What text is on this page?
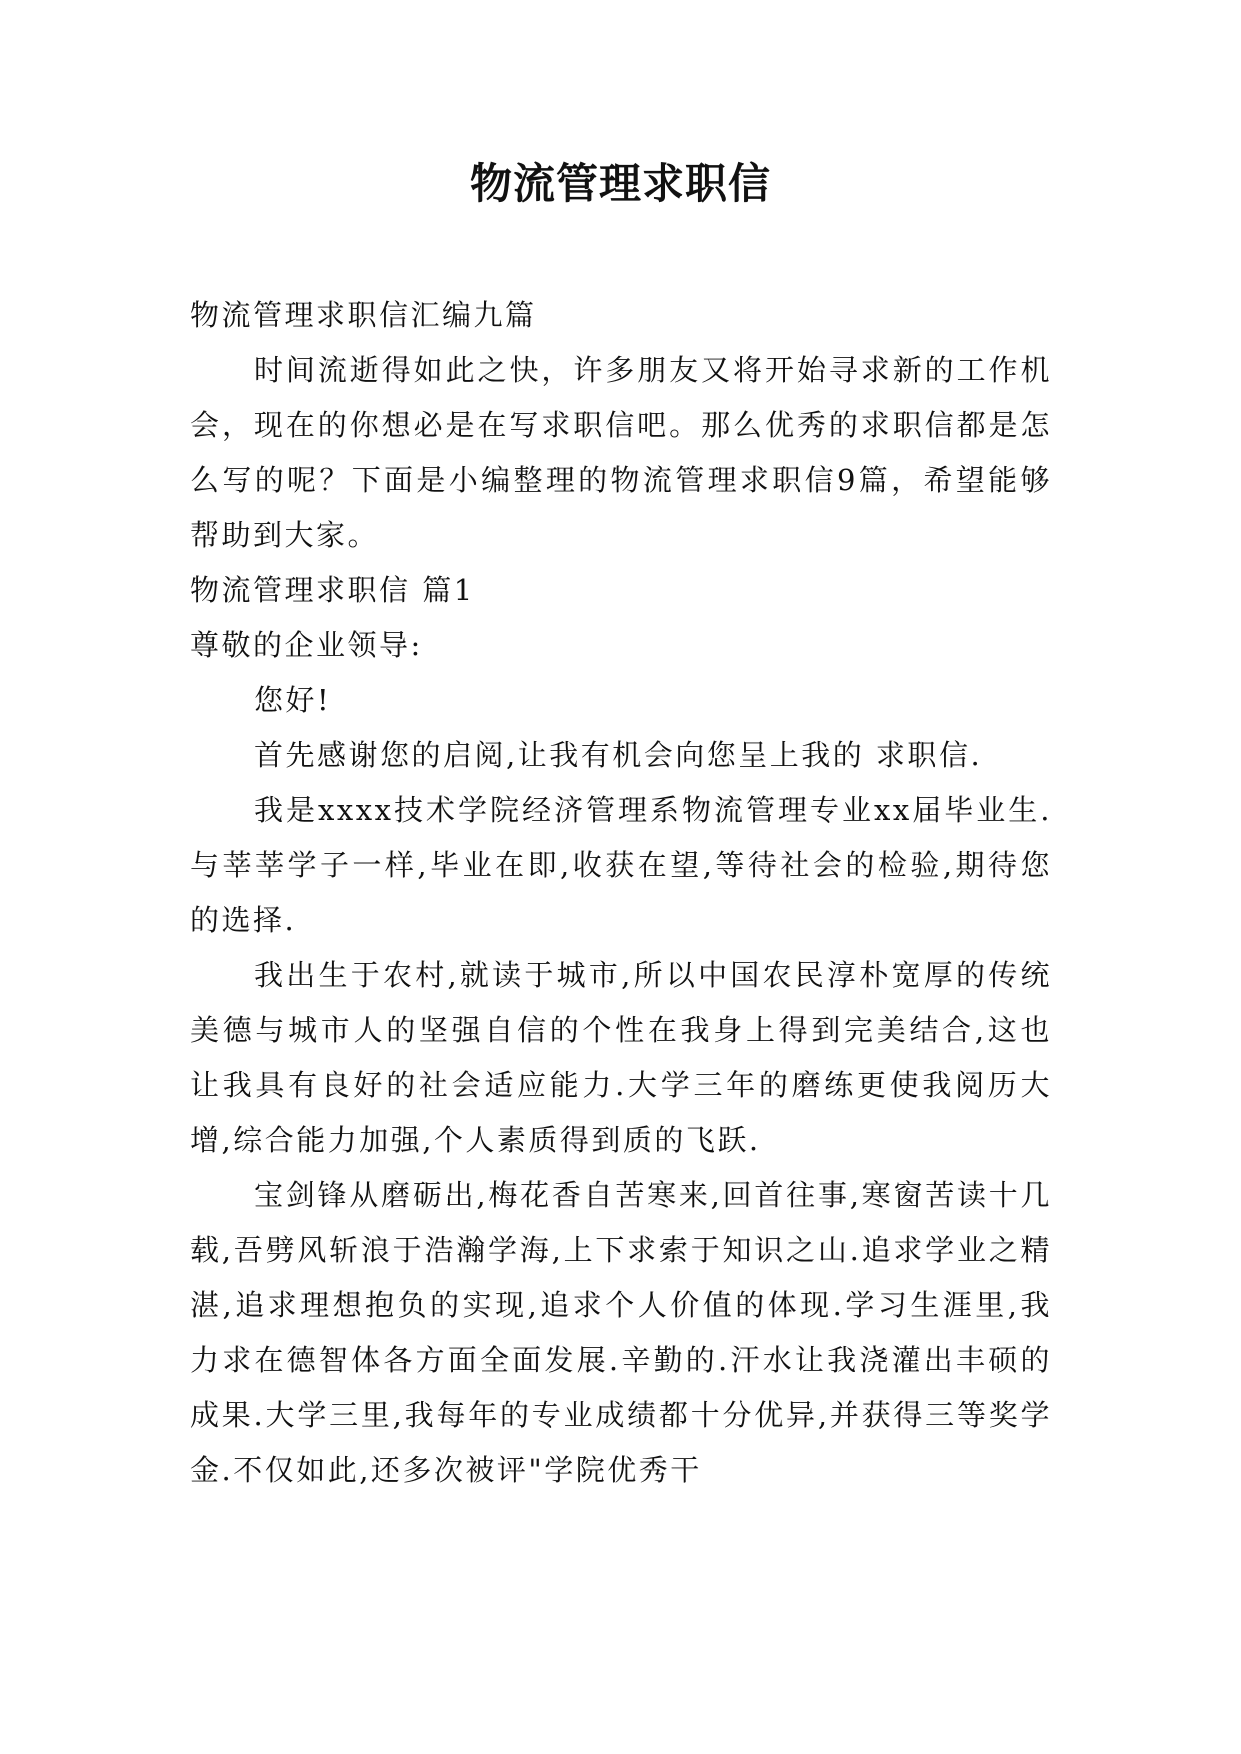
物流管理求职信

物流管理求职信汇编九篇

时间流逝得如此之快，许多朋友又将开始寻求新的工作机会，现在的你想必是在写求职信吧。那么优秀的求职信都是怎么写的呢？下面是小编整理的物流管理求职信9篇，希望能够帮助到大家。

物流管理求职信 篇1

尊敬的企业领导:

您好!

首先感谢您的启阅,让我有机会向您呈上我的 求职信.

我是xxxx技术学院经济管理系物流管理专业xx届毕业生.与莘莘学子一样,毕业在即,收获在望,等待社会的检验,期待您的选择.

我出生于农村,就读于城市,所以中国农民淳朴宽厚的传统美德与城市人的坚强自信的个性在我身上得到完美结合,这也让我具有良好的社会适应能力.大学三年的磨练更使我阅历大增,综合能力加强,个人素质得到质的飞跃.

宝剑锋从磨砺出,梅花香自苦寒来,回首往事,寒窗苦读十几载,吾劈风斩浪于浩瀚学海,上下求索于知识之山.追求学业之精湛,追求理想抱负的实现,追求个人价值的体现.学习生涯里,我力求在德智体各方面全面发展.辛勤的.汗水让我浇灌出丰硕的成果.大学三里,我每年的专业成绩都十分优异,并获得三等奖学金.不仅如此,还多次被评"学院优秀干
